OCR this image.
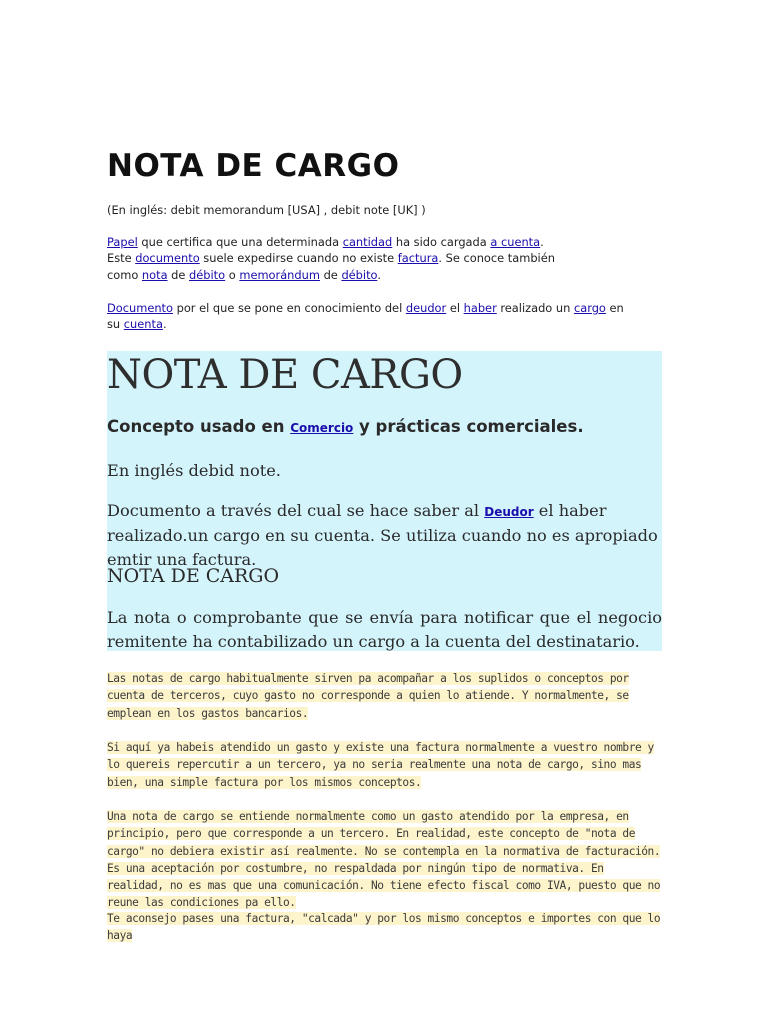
NOTA DE CARGO
(En inglés: debit memorandum [USA] , debit note [UK] )
Papel que certifica que una determinada cantidad ha sido cargada a cuenta.
Este documento suele expedirse cuando no existe factura. Se conoce también
como nota de débito o memorándum de débito.
Documento por el que se pone en conocimiento del deudor el haber realizado un cargo en
su cuenta.
NOTA DE CARGO
Concepto usado en Comercio y prácticas comerciales.
En inglés debid note.
Documento a través del cual se hace saber al Deudor el haber realizado.un cargo en su cuenta. Se utiliza cuando no es apropiado emtir una factura.
NOTA DE CARGO
La nota o comprobante que se envía para notificar que el negocio remitente ha contabilizado un cargo a la cuenta del destinatario.
Las notas de cargo habitualmente sirven pa acompañar a los suplidos o conceptos por cuenta de terceros, cuyo gasto no corresponde a quien lo atiende. Y normalmente, se emplean en los gastos bancarios.
Si aquí ya habeis atendido un gasto y existe una factura normalmente a vuestro nombre y lo quereis repercutir a un tercero, ya no seria realmente una nota de cargo, sino mas bien, una simple factura por los mismos conceptos.
Una nota de cargo se entiende normalmente como un gasto atendido por la empresa, en principio, pero que corresponde a un tercero. En realidad, este concepto de "nota de cargo" no debiera existir así realmente. No se contempla en la normativa de facturación. Es una aceptación por costumbre, no respaldada por ningún tipo de normativa. En realidad, no es mas que una comunicación. No tiene efecto fiscal como IVA, puesto que no reune las condiciones pa ello.
Te aconsejo pases una factura, "calcada" y por los mismo conceptos e importes con que lo haya
